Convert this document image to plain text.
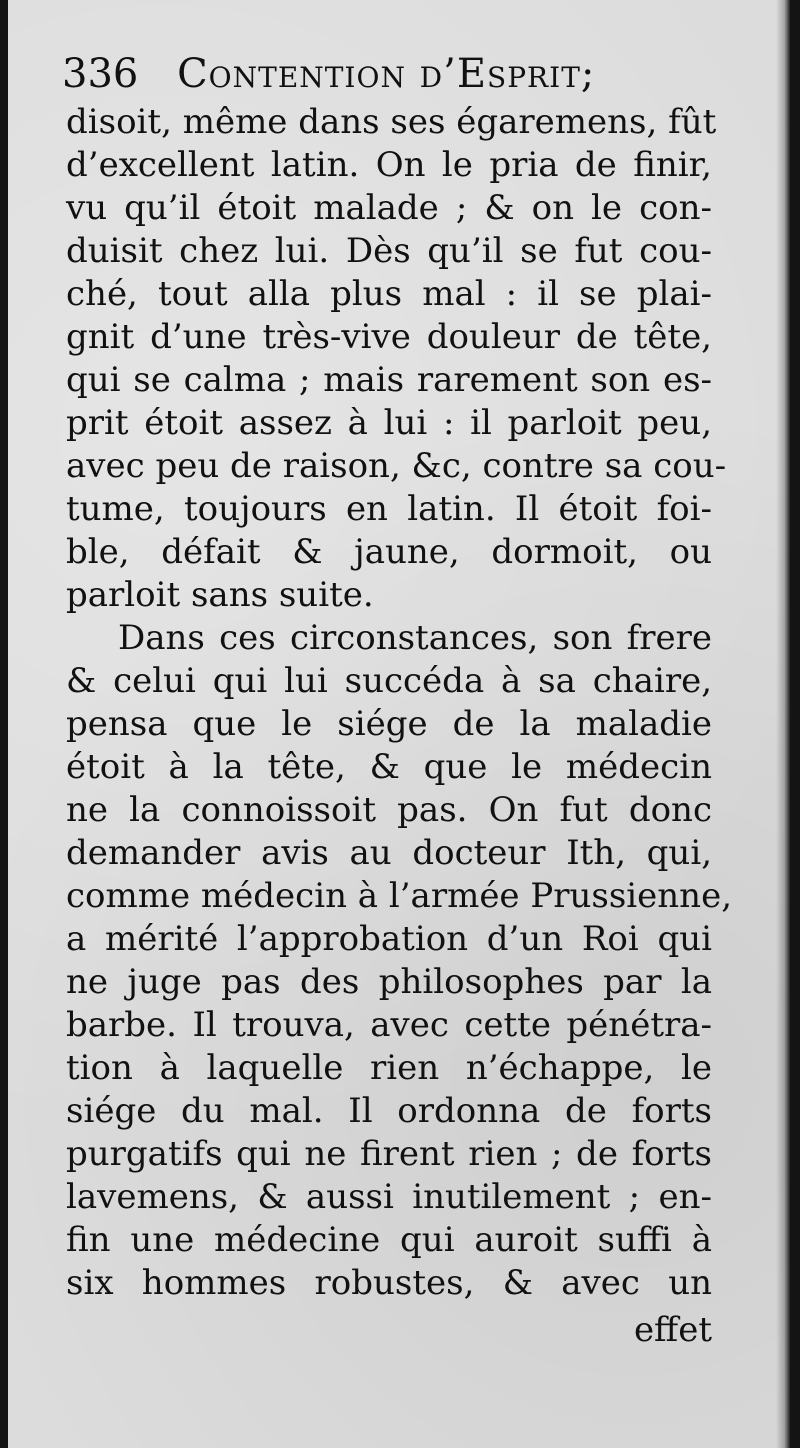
336 Contention d’Esprit;
disoit, même dans ses égaremens, fût
d’excellent latin. On le pria de finir,
vu qu’il étoit malade ; & on le con-
duisit chez lui. Dès qu’il se fut cou-
ché, tout alla plus mal : il se plai-
gnit d’une très-vive douleur de tête,
qui se calma ; mais rarement son es-
prit étoit assez à lui : il parloit peu,
avec peu de raison, &c, contre sa cou-
tume, toujours en latin. Il étoit foi-
ble, défait & jaune, dormoit, ou
parloit sans suite.
Dans ces circonstances, son frere
& celui qui lui succéda à sa chaire,
pensa que le siége de la maladie
étoit à la tête, & que le médecin
ne la connoissoit pas. On fut donc
demander avis au docteur Ith, qui,
comme médecin à l’armée Prussienne,
a mérité l’approbation d’un Roi qui
ne juge pas des philosophes par la
barbe. Il trouva, avec cette pénétra-
tion à laquelle rien n’échappe, le
siége du mal. Il ordonna de forts
purgatifs qui ne firent rien ; de forts
lavemens, & aussi inutilement ; en-
fin une médecine qui auroit suffi à
six hommes robustes, & avec un
effet
